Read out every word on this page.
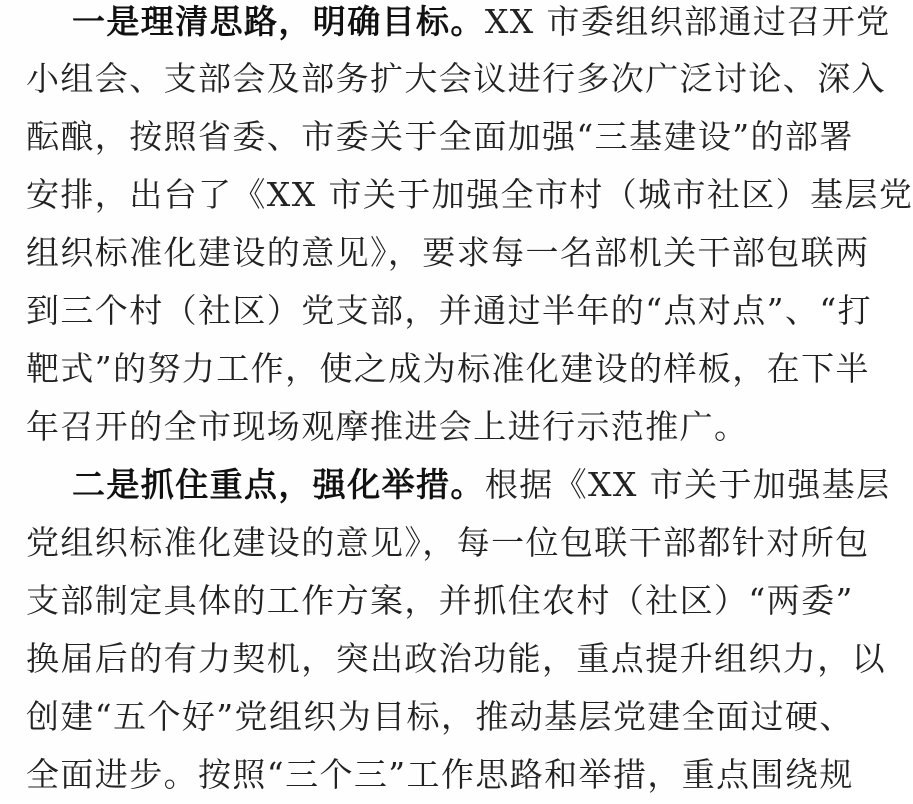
一是理清思路，明确目标。XX 市委组织部通过召开党
小组会、支部会及部务扩大会议进行多次广泛讨论、深入
酝酿，按照省委、市委关于全面加强“三基建设”的部署
安排，出台了《XX 市关于加强全市村（城市社区）基层党
组织标准化建设的意见》，要求每一名部机关干部包联两
到三个村（社区）党支部，并通过半年的“点对点”、“打
靶式”的努力工作，使之成为标准化建设的样板，在下半
年召开的全市现场观摩推进会上进行示范推广。
二是抓住重点，强化举措。根据《XX 市关于加强基层
党组织标准化建设的意见》，每一位包联干部都针对所包
支部制定具体的工作方案，并抓住农村（社区）“两委”
换届后的有力契机，突出政治功能，重点提升组织力，以
创建“五个好”党组织为目标，推动基层党建全面过硬、
全面进步。按照“三个三”工作思路和举措，重点围绕规
